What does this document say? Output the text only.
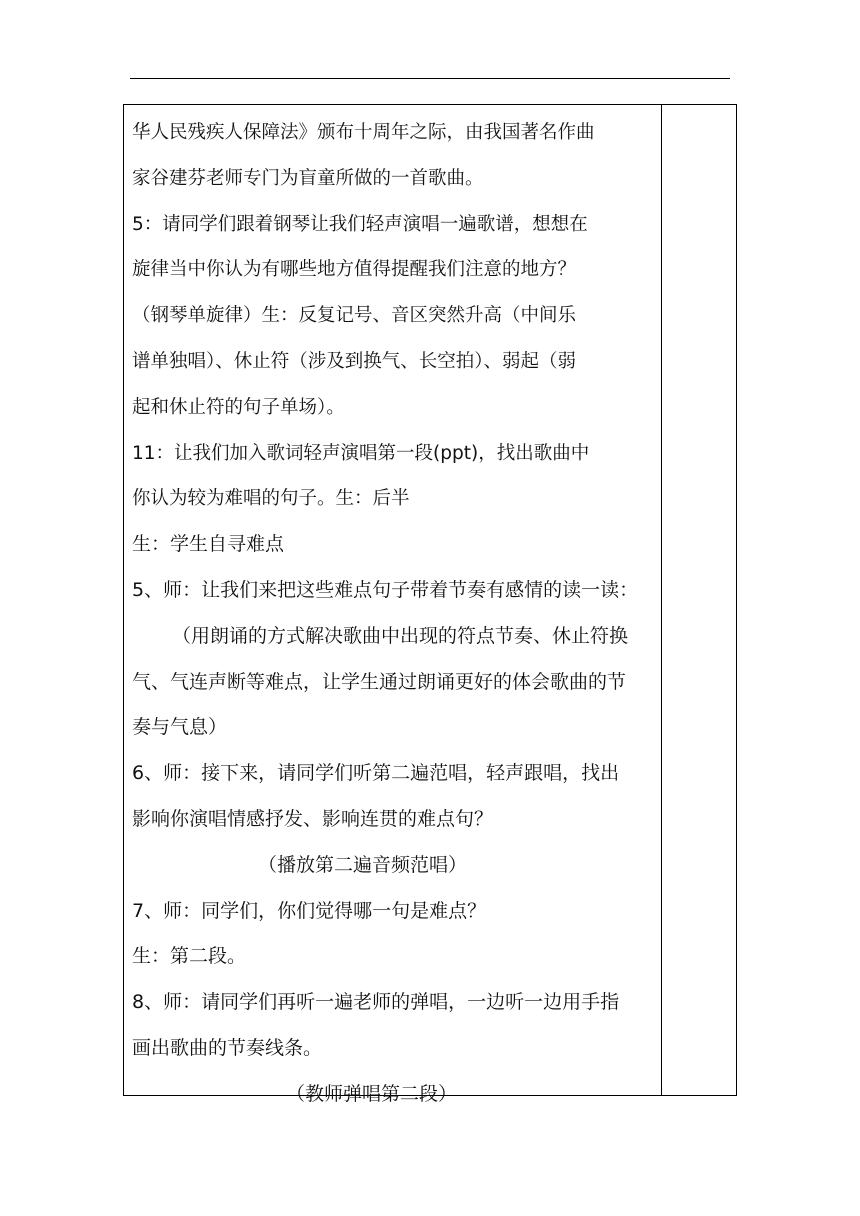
华人民残疾人保障法》颁布十周年之际，由我国著名作曲
家谷建芬老师专门为盲童所做的一首歌曲。
5：请同学们跟着钢琴让我们轻声演唱一遍歌谱，想想在
旋律当中你认为有哪些地方值得提醒我们注意的地方？
（钢琴单旋律）生：反复记号、音区突然升高（中间乐
谱单独唱）、休止符（涉及到换气、长空拍）、弱起（弱
起和休止符的句子单场）。
11：让我们加入歌词轻声演唱第一段(ppt)，找出歌曲中
你认为较为难唱的句子。生：后半
生：学生自寻难点
5、师：让我们来把这些难点句子带着节奏有感情的读一读：
（用朗诵的方式解决歌曲中出现的符点节奏、休止符换
气、气连声断等难点，让学生通过朗诵更好的体会歌曲的节
奏与气息）
6、师：接下来，请同学们听第二遍范唱，轻声跟唱，找出
影响你演唱情感抒发、影响连贯的难点句？
（播放第二遍音频范唱）
7、师：同学们，你们觉得哪一句是难点？
生：第二段。
8、师：请同学们再听一遍老师的弹唱，一边听一边用手指
画出歌曲的节奏线条。
（教师弹唱第二段）
